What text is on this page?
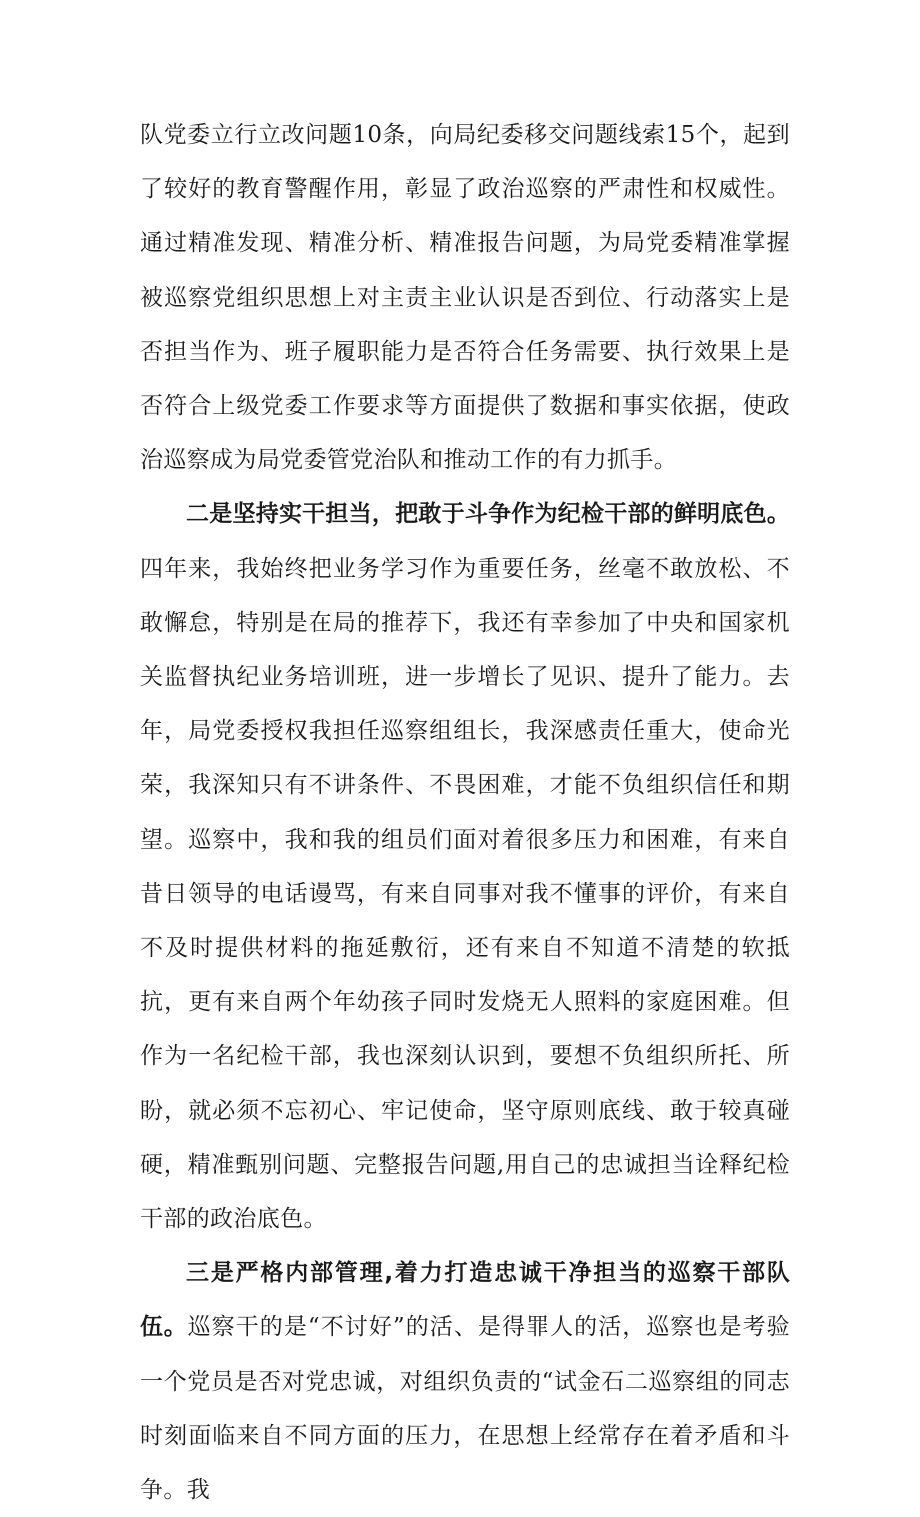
队党委立行立改问题10条，向局纪委移交问题线索15个，起到了较好的教育警醒作用，彰显了政治巡察的严肃性和权威性。通过精准发现、精准分析、精准报告问题，为局党委精准掌握被巡察党组织思想上对主责主业认识是否到位、行动落实上是否担当作为、班子履职能力是否符合任务需要、执行效果上是否符合上级党委工作要求等方面提供了数据和事实依据，使政治巡察成为局党委管党治队和推动工作的有力抓手。

二是坚持实干担当，把敢于斗争作为纪检干部的鲜明底色。四年来，我始终把业务学习作为重要任务，丝毫不敢放松、不敢懈怠，特别是在局的推荐下，我还有幸参加了中央和国家机关监督执纪业务培训班，进一步增长了见识、提升了能力。去年，局党委授权我担任巡察组组长，我深感责任重大，使命光荣，我深知只有不讲条件、不畏困难，才能不负组织信任和期望。巡察中，我和我的组员们面对着很多压力和困难，有来自昔日领导的电话谩骂，有来自同事对我不懂事的评价，有来自不及时提供材料的拖延敷衍，还有来自不知道不清楚的软抵抗，更有来自两个年幼孩子同时发烧无人照料的家庭困难。但作为一名纪检干部，我也深刻认识到，要想不负组织所托、所盼，就必须不忘初心、牢记使命，坚守原则底线、敢于较真碰硬，精准甄别问题、完整报告问题,用自己的忠诚担当诠释纪检干部的政治底色。

三是严格内部管理,着力打造忠诚干净担当的巡察干部队伍。巡察干的是“不讨好”的活、是得罪人的活，巡察也是考验一个党员是否对党忠诚，对组织负责的“试金石二巡察组的同志时刻面临来自不同方面的压力，在思想上经常存在着矛盾和斗争。我
